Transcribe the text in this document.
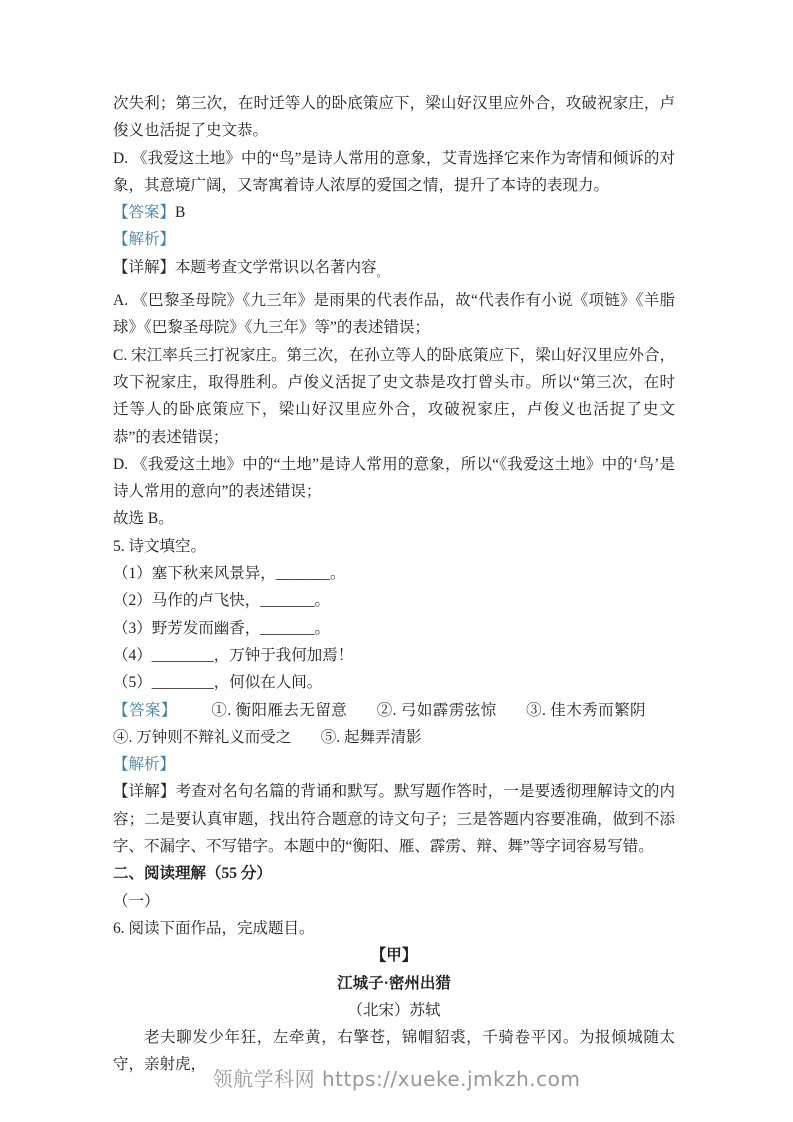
次失利；第三次，在时迁等人的卧底策应下，梁山好汉里应外合，攻破祝家庄，卢俊义也活捉了史文恭。

D. 《我爱这土地》中的“鸟”是诗人常用的意象，艾青选择它来作为寄情和倾诉的对象，其意境广阔，又寄寓着诗人浓厚的爱国之情，提升了本诗的表现力。

【答案】B

【解析】

【详解】本题考查文学常识以名著内容$_。$

A. 《巴黎圣母院》《九三年》是雨果的代表作品，故“代表作有小说《项链》《羊脂球》《巴黎圣母院》《九三年》等”的表述错误；

C. 宋江率兵三打祝家庄。第三次，在孙立等人的卧底策应下，梁山好汉里应外合，攻下祝家庄，取得胜利。卢俊义活捉了史文恭是攻打曾头市。所以“第三次，在时迁等人的卧底策应下，梁山好汉里应外合，攻破祝家庄，卢俊义也活捉了史文恭”的表述错误；

D. 《我爱这土地》中的“土地”是诗人常用的意象，所以“《我爱这土地》中的‘鸟’是诗人常用的意向”的表述错误；

故选 B。

5. 诗文填空。

（1）塞下秋来风景异，_______。

（2）马作的卢飞快，_______。

（3）野芳发而幽香，_______。

（4）________，万钟于我何加焉！

（5）________，何似在人间。

【答案】 ①. 衡阳雁去无留意 ②. 弓如霹雳弦惊 ③. 佳木秀而繁阴④. 万钟则不辩礼义而受之 ⑤. 起舞弄清影

【解析】

【详解】考查对名句名篇的背诵和默写。默写题作答时，一是要透彻理解诗文的内容；二是要认真审题，找出符合题意的诗文句子；三是答题内容要准确，做到不添字、不漏字、不写错字。本题中的“衡阳、雁、霹雳、辩、舞”等字词容易写错。

二、阅读理解（55 分）

（一）

6. 阅读下面作品，完成题目。

【甲】

江城子·密州出猎

（北宋）苏轼

老夫聊发少年狂，左牵黄，右擎苍，锦帽貂裘，千骑卷平冈。为报倾城随太守，亲射虎，

领航学科网 https://xueke.jmkzh.com
